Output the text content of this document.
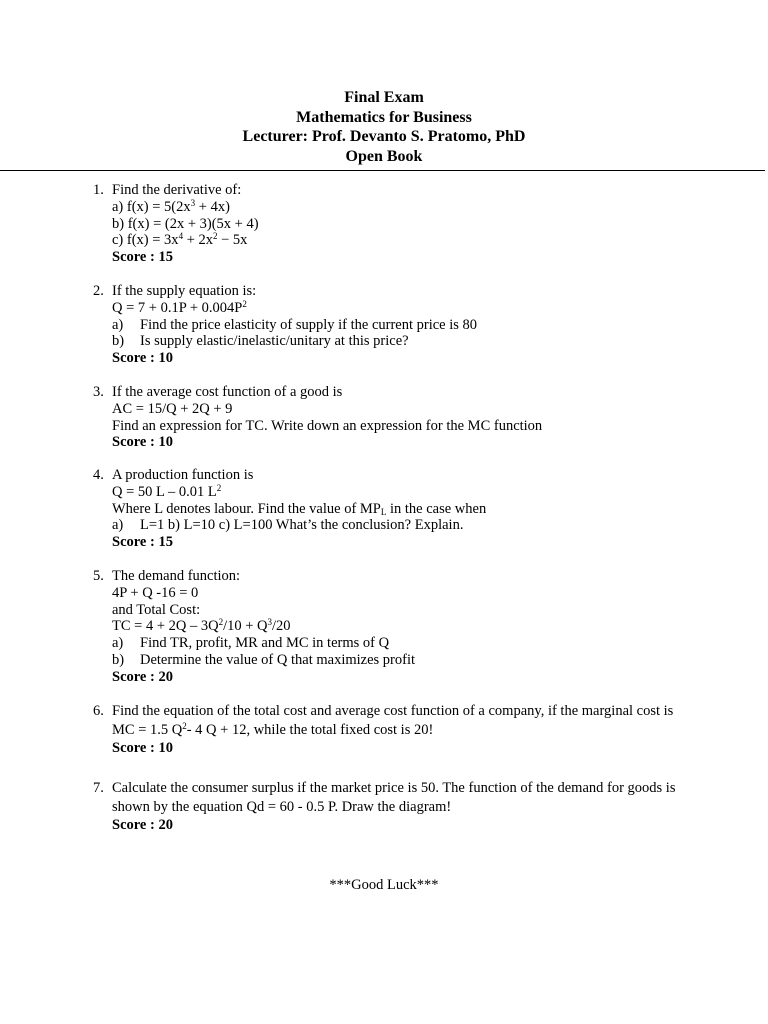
Final Exam
Mathematics for Business
Lecturer: Prof. Devanto S. Pratomo, PhD
Open Book
1. Find the derivative of:
a) $f(x) = 5(2x^3 + 4x)$
b) f(x) = (2x + 3)(5x + 4)
c) $f(x) = 3x^4 + 2x^2 - 5x$
Score : 15
2. If the supply equation is:
$Q = 7 + 0.1P + 0.004P^2$
a) Find the price elasticity of supply if the current price is 80
b) Is supply elastic/inelastic/unitary at this price?
Score : 10
3. If the average cost function of a good is
AC = 15/Q + 2Q + 9
Find an expression for TC. Write down an expression for the MC function
Score : 10
4. A production function is
Q = 50 L – 0.01 $L^2$
Where L denotes labour. Find the value of $MP_L$ in the case when
a) L=1 b) L=10 c) L=100 What’s the conclusion? Explain.
Score : 15
5. The demand function:
4P + Q -16 = 0
and Total Cost:
TC = $4 + 2Q - 3Q^2/10 + Q^3/20$
a) Find TR, profit, MR and MC in terms of Q
b) Determine the value of Q that maximizes profit
Score : 20
6. Find the equation of the total cost and average cost function of a company, if the marginal cost is MC = 1.5 $Q^2-$ 4 Q + 12, while the total fixed cost is 20!
Score : 10
7. Calculate the consumer surplus if the market price is 50. The function of the demand for goods is shown by the equation Qd = 60 - 0.5 P. Draw the diagram!
Score : 20
***Good Luck***
